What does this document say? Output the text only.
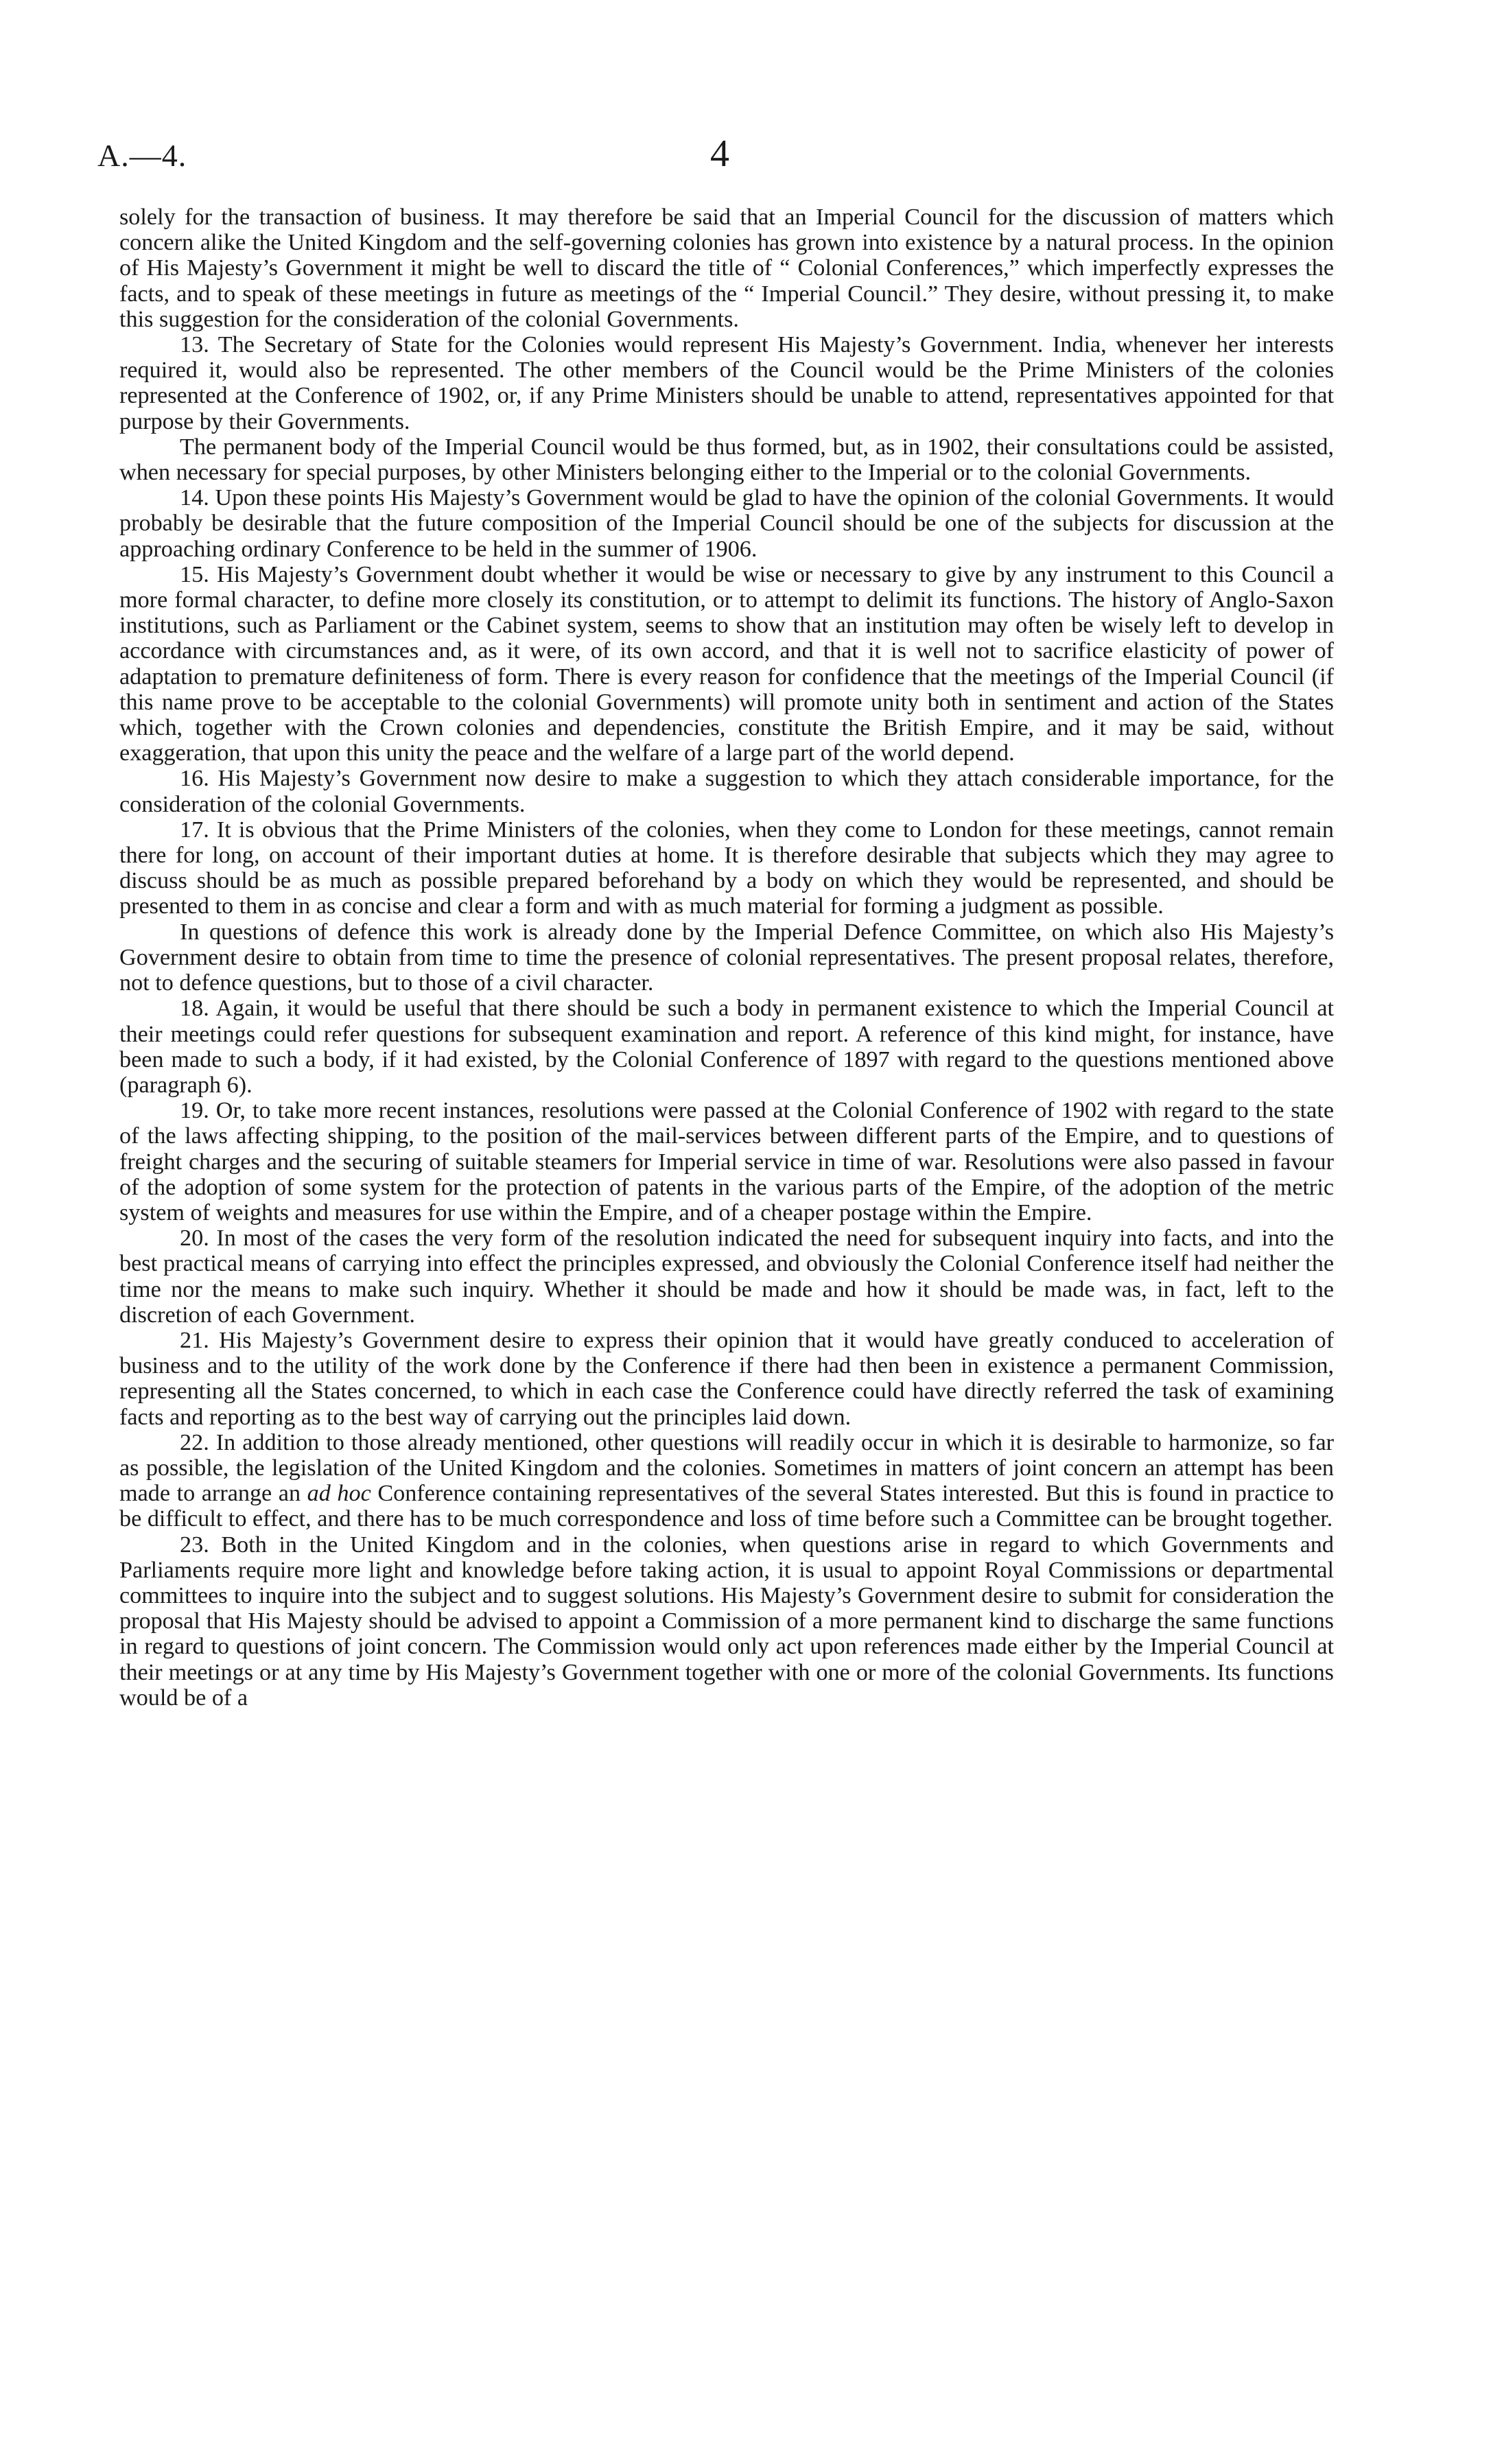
A.—4.	4

solely for the transaction of business. It may therefore be said that an Imperial Council for the discussion of matters which concern alike the United Kingdom and the self-governing colonies has grown into existence by a natural process. In the opinion of His Majesty’s Government it might be well to discard the title of “ Colonial Conferences,” which imperfectly expresses the facts, and to speak of these meetings in future as meetings of the “ Imperial Council.” They desire, without pressing it, to make this suggestion for the consideration of the colonial Governments.

13. The Secretary of State for the Colonies would represent His Majesty’s Government. India, whenever her interests required it, would also be represented. The other members of the Council would be the Prime Ministers of the colonies represented at the Conference of 1902, or, if any Prime Ministers should be unable to attend, representatives appointed for that purpose by their Governments.

The permanent body of the Imperial Council would be thus formed, but, as in 1902, their consultations could be assisted, when necessary for special purposes, by other Ministers belonging either to the Imperial or to the colonial Governments.

14. Upon these points His Majesty’s Government would be glad to have the opinion of the colonial Governments. It would probably be desirable that the future composition of the Imperial Council should be one of the subjects for discussion at the approaching ordinary Conference to be held in the summer of 1906.

15. His Majesty’s Government doubt whether it would be wise or necessary to give by any instrument to this Council a more formal character, to define more closely its constitution, or to attempt to delimit its functions. The history of Anglo-Saxon institutions, such as Parliament or the Cabinet system, seems to show that an institution may often be wisely left to develop in accordance with circumstances and, as it were, of its own accord, and that it is well not to sacrifice elasticity of power of adaptation to premature definiteness of form. There is every reason for confidence that the meetings of the Imperial Council (if this name prove to be acceptable to the colonial Governments) will promote unity both in sentiment and action of the States which, together with the Crown colonies and dependencies, constitute the British Empire, and it may be said, without exaggeration, that upon this unity the peace and the welfare of a large part of the world depend.

16. His Majesty’s Government now desire to make a suggestion to which they attach considerable importance, for the consideration of the colonial Governments.

17. It is obvious that the Prime Ministers of the colonies, when they come to London for these meetings, cannot remain there for long, on account of their important duties at home. It is therefore desirable that subjects which they may agree to discuss should be as much as possible prepared beforehand by a body on which they would be represented, and should be presented to them in as concise and clear a form and with as much material for forming a judgment as possible.

In questions of defence this work is already done by the Imperial Defence Committee, on which also His Majesty’s Government desire to obtain from time to time the presence of colonial representatives. The present proposal relates, therefore, not to defence questions, but to those of a civil character.

18. Again, it would be useful that there should be such a body in permanent existence to which the Imperial Council at their meetings could refer questions for subsequent examination and report. A reference of this kind might, for instance, have been made to such a body, if it had existed, by the Colonial Conference of 1897 with regard to the questions mentioned above (paragraph 6).

19. Or, to take more recent instances, resolutions were passed at the Colonial Conference of 1902 with regard to the state of the laws affecting shipping, to the position of the mail-services between different parts of the Empire, and to questions of freight charges and the securing of suitable steamers for Imperial service in time of war. Resolutions were also passed in favour of the adoption of some system for the protection of patents in the various parts of the Empire, of the adoption of the metric system of weights and measures for use within the Empire, and of a cheaper postage within the Empire.

20. In most of the cases the very form of the resolution indicated the need for subsequent inquiry into facts, and into the best practical means of carrying into effect the principles expressed, and obviously the Colonial Conference itself had neither the time nor the means to make such inquiry. Whether it should be made and how it should be made was, in fact, left to the discretion of each Government.

21. His Majesty’s Government desire to express their opinion that it would have greatly conduced to acceleration of business and to the utility of the work done by the Conference if there had then been in existence a permanent Commission, representing all the States concerned, to which in each case the Conference could have directly referred the task of examining facts and reporting as to the best way of carrying out the principles laid down.

22. In addition to those already mentioned, other questions will readily occur in which it is desirable to harmonize, so far as possible, the legislation of the United Kingdom and the colonies. Sometimes in matters of joint concern an attempt has been made to arrange an ad hoc Conference containing representatives of the several States interested. But this is found in practice to be difficult to effect, and there has to be much correspondence and loss of time before such a Committee can be brought together.

23. Both in the United Kingdom and in the colonies, when questions arise in regard to which Governments and Parliaments require more light and knowledge before taking action, it is usual to appoint Royal Commissions or departmental committees to inquire into the subject and to suggest solutions. His Majesty’s Government desire to submit for consideration the proposal that His Majesty should be advised to appoint a Commission of a more permanent kind to discharge the same functions in regard to questions of joint concern. The Commission would only act upon references made either by the Imperial Council at their meetings or at any time by His Majesty’s Government together with one or more of the colonial Governments. Its functions would be of a
